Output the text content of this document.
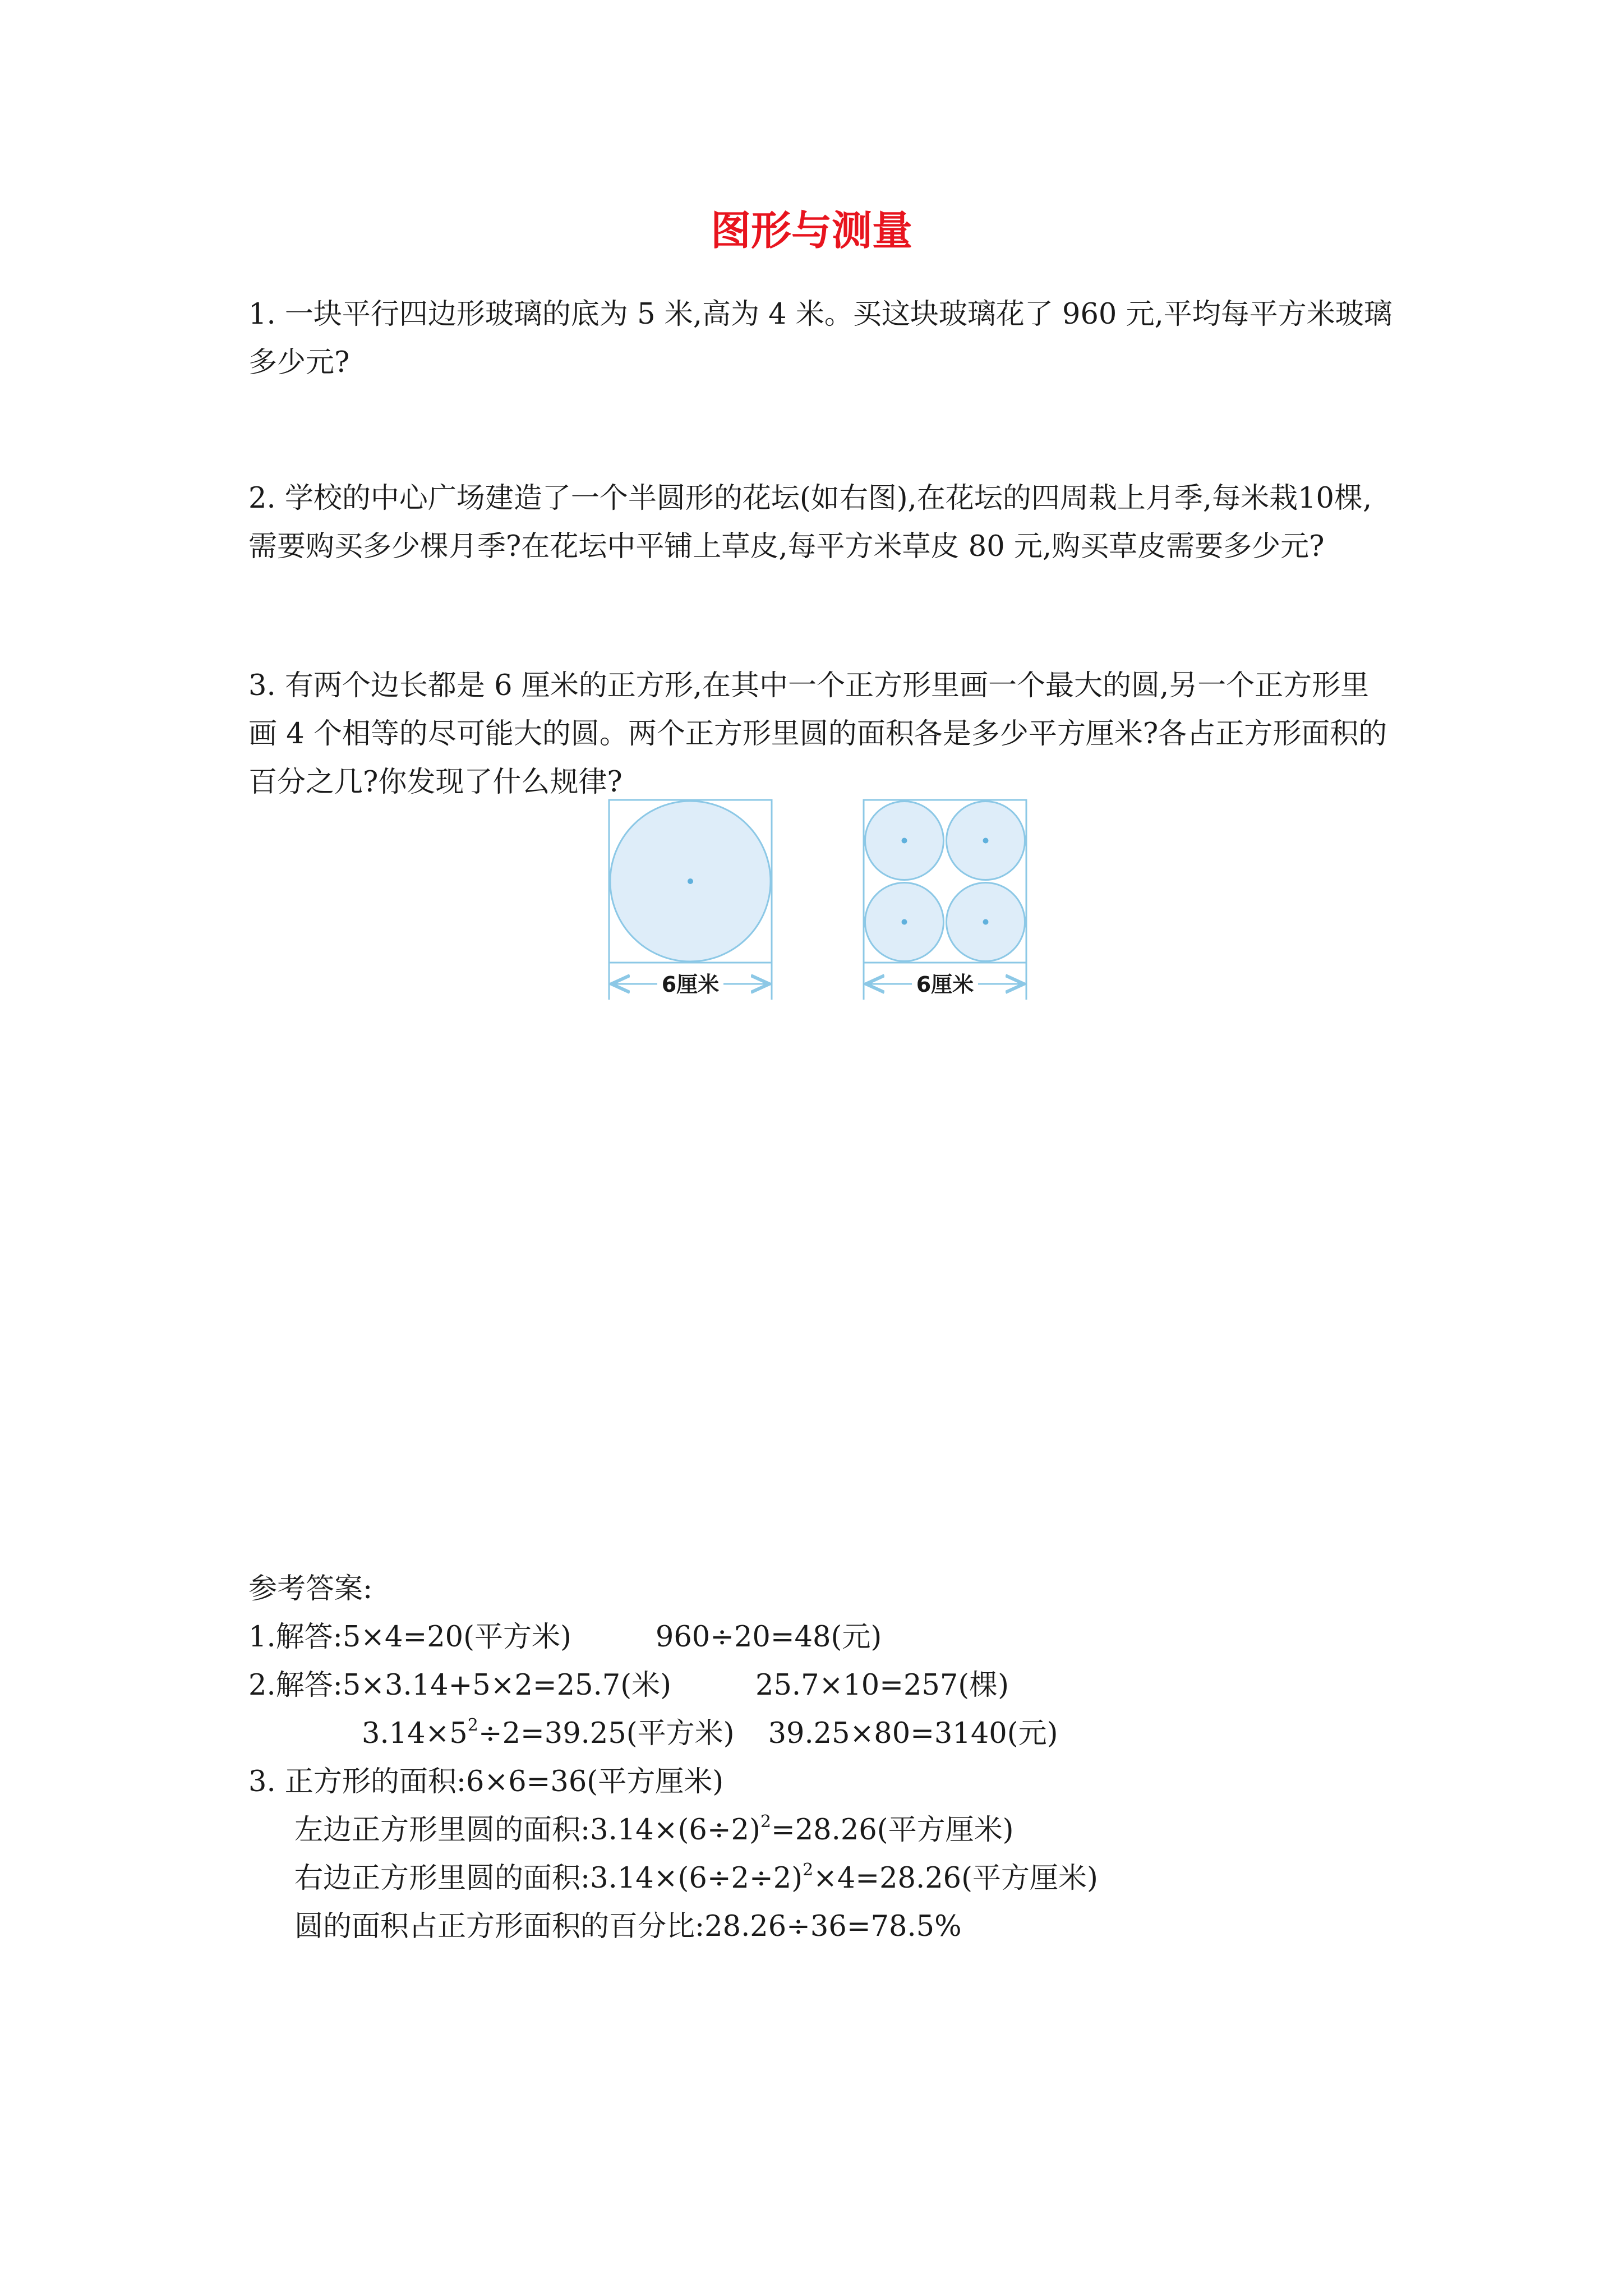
图形与测量
1. 一块平行四边形玻璃的底为 5 米,高为 4 米。买这块玻璃花了 960 元,平均每平方米玻璃
多少元?
2. 学校的中心广场建造了一个半圆形的花坛(如右图),在花坛的四周栽上月季,每米栽10棵,
需要购买多少棵月季?在花坛中平铺上草皮,每平方米草皮 80 元,购买草皮需要多少元?
3. 有两个边长都是 6 厘米的正方形,在其中一个正方形里画一个最大的圆,另一个正方形里
画 4 个相等的尽可能大的圆。两个正方形里圆的面积各是多少平方厘米?各占正方形面积的
百分之几?你发现了什么规律?
6厘米	6厘米
参考答案:
1.解答:5×4=20(平方米)	960÷20=48(元)
2.解答:5×3.14+5×2=25.7(米)	25.7×10=257(棵)
$3.14\times 5^2\div 2=39.25$(平方米) 39.25×80=3140(元)
3. 正方形的面积:6×6=36(平方厘米)
左边正方形里圆的面积$:3.14\times(6\div 2)^2=28.26$(平方厘米)
右边正方形里圆的面积$:3.14\times(6\div 2\div 2)^2\times 4=28.26$(平方厘米)
圆的面积占正方形面积的百分比:28.26÷36=78.5%
